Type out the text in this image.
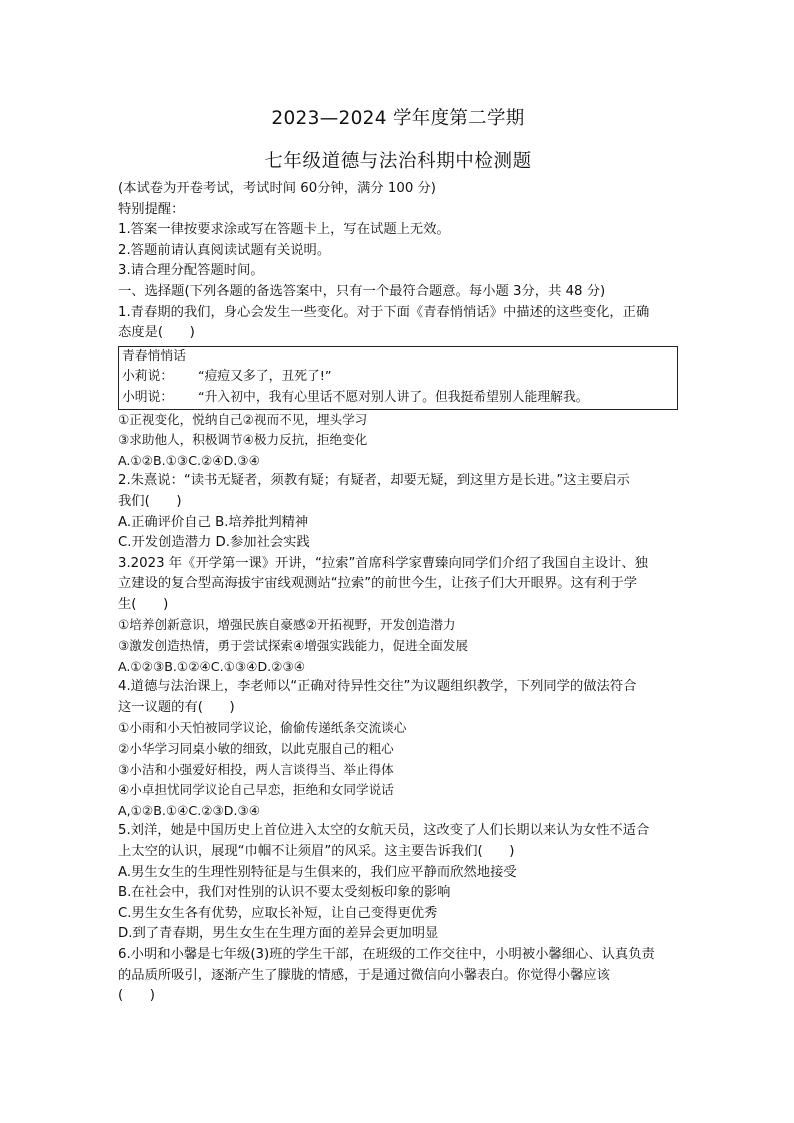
2023—2024 学年度第二学期
七年级道德与法治科期中检测题
(本试卷为开卷考试，考试时间 60分钟，满分 100 分)
特别提醒：
1.答案一律按要求涂或写在答题卡上，写在试题上无效。
2.答题前请认真阅读试题有关说明。
3.请合理分配答题时间。
一、选择题(下列各题的备选答案中，只有一个最符合题意。每小题 3分，共 48 分)
1.青春期的我们，身心会发生一些变化。对于下面《青春悄悄话》中描述的这些变化，正确
态度是(　　)
青春悄悄话
小莉说：	“痘痘又多了，丑死了!”
小明说：	“升入初中，我有心里话不愿对别人讲了。但我挺希望别人能理解我。
①正视变化，悦纳自己②视而不见，埋头学习
③求助他人，积极调节④极力反抗，拒绝变化
A.①②B.①③C.②④D.③④
2.朱熹说：“读书无疑者，须教有疑；有疑者，却要无疑，到这里方是长进。”这主要启示
我们(　　)
A.正确评价自己 B.培养批判精神
C.开发创造潜力 D.参加社会实践
3.2023 年《开学第一课》开讲，“拉索”首席科学家曹臻向同学们介绍了我国自主设计、独
立建设的复合型高海拔宇宙线观测站“拉索”的前世今生，让孩子们大开眼界。这有利于学
生(　　)
①培养创新意识，增强民族自豪感②开拓视野，开发创造潜力
③激发创造热情，勇于尝试探索④增强实践能力，促进全面发展
A.①②③B.①②④C.①③④D.②③④
4.道德与法治课上，李老师以“正确对待异性交往”为议题组织教学，下列同学的做法符合
这一议题的有(　　)
①小雨和小天怕被同学议论，偷偷传递纸条交流谈心
②小华学习同桌小敏的细致，以此克服自己的粗心
③小洁和小强爱好相投，两人言谈得当、举止得体
④小卓担忧同学议论自己早恋，拒绝和女同学说话
A,①②B.①④C.②③D.③④
5.刘洋，她是中国历史上首位进入太空的女航天员，这改变了人们长期以来认为女性不适合
上太空的认识，展现“巾帼不让须眉”的风采。这主要告诉我们(　　)
A.男生女生的生理性别特征是与生俱来的，我们应平静而欣然地接受
B.在社会中，我们对性别的认识不要太受刻板印象的影响
C.男生女生各有优势，应取长补短，让自己变得更优秀
D.到了青春期，男生女生在生理方面的差异会更加明显
6.小明和小馨是七年级(3)班的学生干部，在班级的工作交往中，小明被小馨细心、认真负责
的品质所吸引，逐渐产生了朦胧的情感，于是通过微信向小馨表白。你觉得小馨应该
(　　)
